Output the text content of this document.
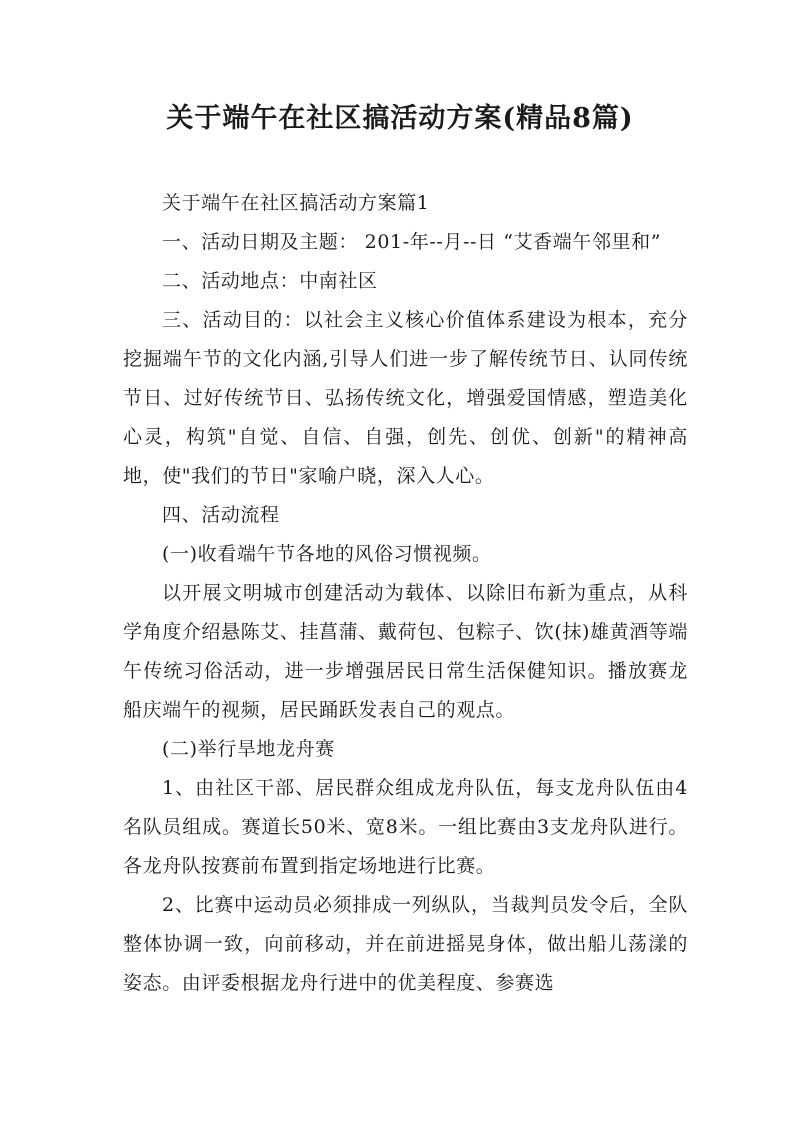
关于端午在社区搞活动方案(精品8篇)

关于端午在社区搞活动方案篇1

一、活动日期及主题： 201-年--月--日 “艾香端午邻里和”

二、活动地点：中南社区

三、活动目的：以社会主义核心价值体系建设为根本，充分挖掘端午节的文化内涵,引导人们进一步了解传统节日、认同传统节日、过好传统节日、弘扬传统文化，增强爱国情感，塑造美化心灵，构筑"自觉、自信、自强，创先、创优、创新"的精神高地，使"我们的节日"家喻户晓，深入人心。

四、活动流程

(一)收看端午节各地的风俗习惯视频。

以开展文明城市创建活动为载体、以除旧布新为重点，从科学角度介绍悬陈艾、挂菖蒲、戴荷包、包粽子、饮(抹)雄黄酒等端午传统习俗活动，进一步增强居民日常生活保健知识。播放赛龙船庆端午的视频，居民踊跃发表自己的观点。

(二)举行旱地龙舟赛

1、由社区干部、居民群众组成龙舟队伍，每支龙舟队伍由4名队员组成。赛道长50米、宽8米。一组比赛由3支龙舟队进行。各龙舟队按赛前布置到指定场地进行比赛。

2、比赛中运动员必须排成一列纵队，当裁判员发令后，全队整体协调一致，向前移动，并在前进摇晃身体，做出船儿荡漾的姿态。由评委根据龙舟行进中的优美程度、参赛选
